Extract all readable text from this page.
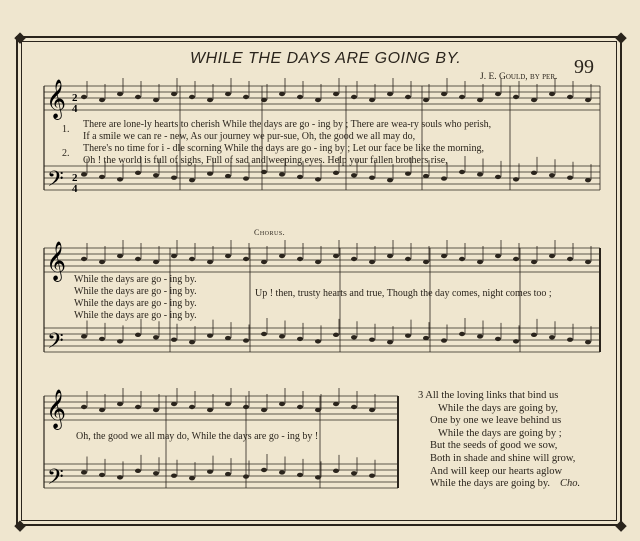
◆	◆
◆	◆
WHILE THE DAYS ARE GOING BY.	99
J. E. Gould, by per.
𝄞
𝄢
𝄞
𝄢
𝄞
𝄢
2
4
2
4
1.
2.
There are lone-ly hearts to cherish While the days are go - ing by ; There are wea-ry souls who perish,
If a smile we can re - new, As our journey we pur-sue, Oh, the good we all may do,
There's no time for i - dle scorning While the days are go - ing by ; Let our face be like the morning,
Oh ! the world is full of sighs, Full of sad and weeping eyes. Help your fallen brothers rise,
Chorus.
While the days are go - ing by.
While the days are go - ing by.
While the days are go - ing by.
While the days are go - ing by.
Up ! then, trusty hearts and true, Though the day comes, night comes too ;
Oh, the good we all may do, While the days are go - ing by !
3 All the loving links that bind us
While the days are going by,
One by one we leave behind us
While the days are going by ;
But the seeds of good we sow,
Both in shade and shine will grow,
And will keep our hearts aglow
While the days are going by. Cho.
